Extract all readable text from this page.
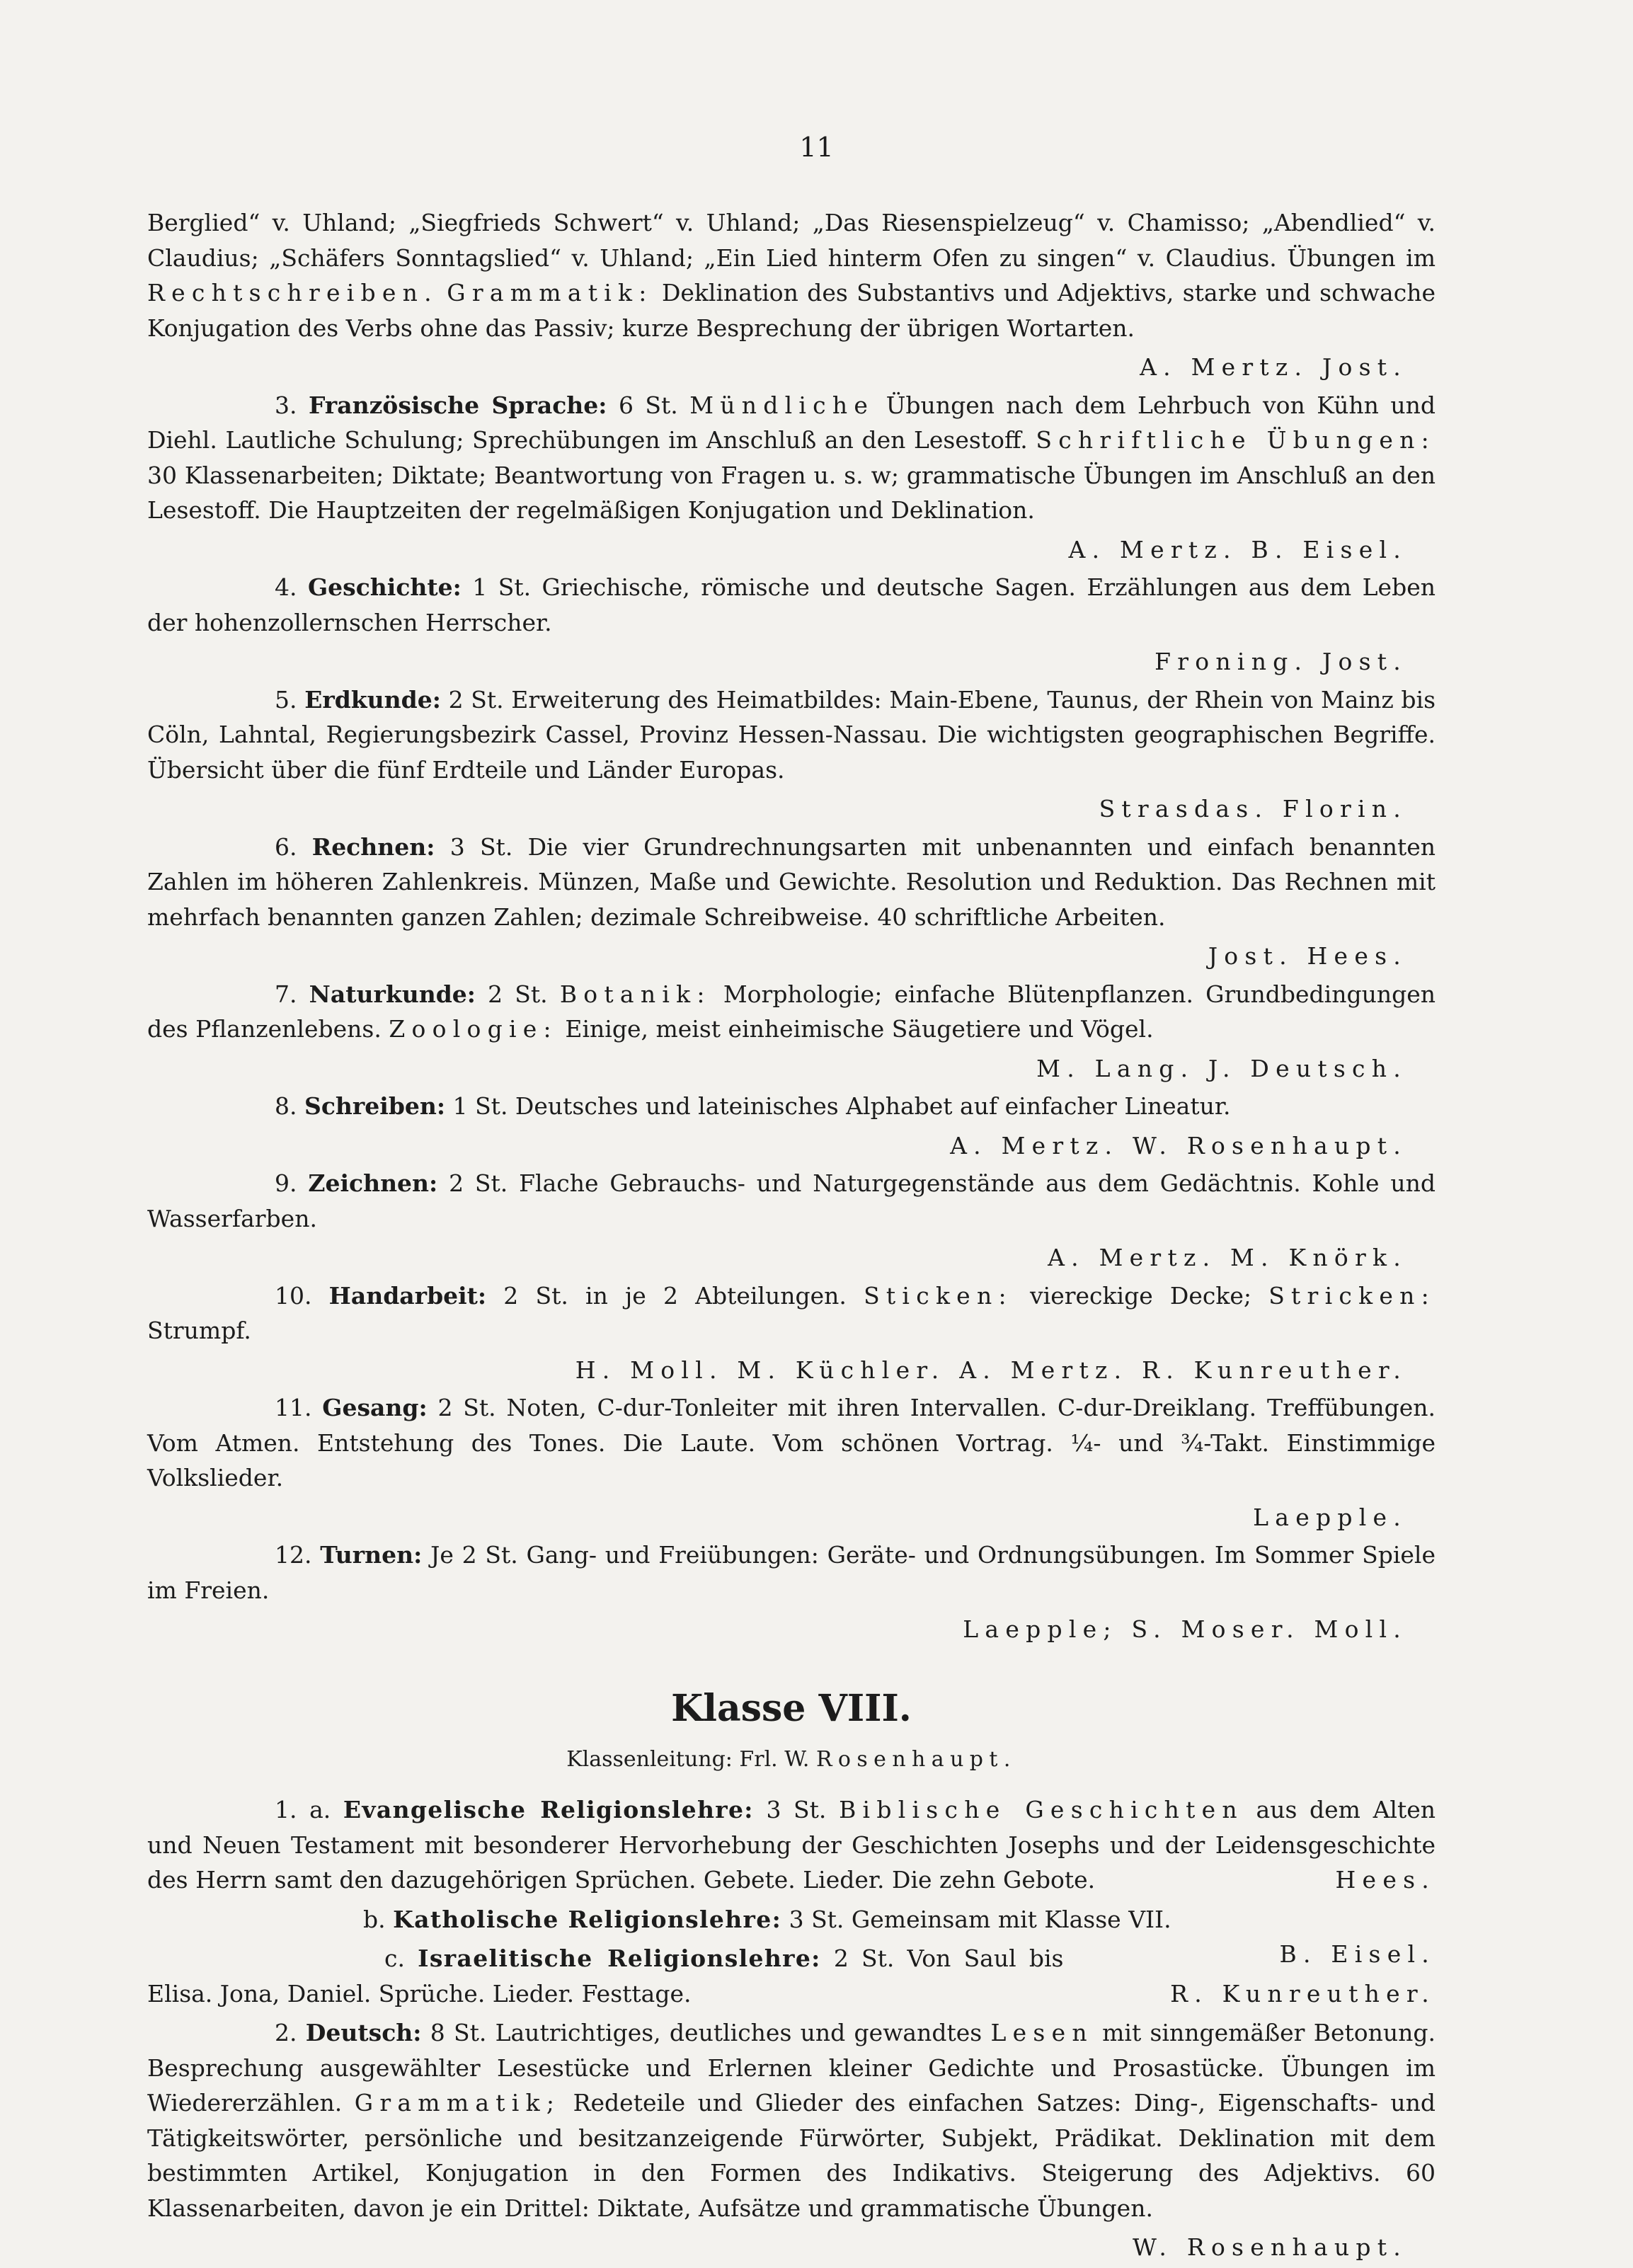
11

Berglied“ v. Uhland; „Siegfrieds Schwert“ v. Uhland; „Das Riesenspielzeug“ v. Chamisso; „Abendlied“ v. Claudius; „Schäfers Sonntagslied“ v. Uhland; „Ein Lied hinterm Ofen zu singen“ v. Claudius. Übungen im Rechtschreiben. Grammatik: Deklination des Substantivs und Adjektivs, starke und schwache Konjugation des Verbs ohne das Passiv; kurze Besprechung der übrigen Wortarten.

A. Mertz. Jost.

3. Französische Sprache: 6 St. Mündliche Übungen nach dem Lehrbuch von Kühn und Diehl. Lautliche Schulung; Sprechübungen im Anschluß an den Lesestoff. Schriftliche Übungen: 30 Klassenarbeiten; Diktate; Beantwortung von Fragen u. s. w; grammatische Übungen im Anschluß an den Lesestoff. Die Hauptzeiten der regelmäßigen Konjugation und Deklination.

A. Mertz. B. Eisel.

4. Geschichte: 1 St. Griechische, römische und deutsche Sagen. Erzählungen aus dem Leben der hohenzollernschen Herrscher.

Froning. Jost.

5. Erdkunde: 2 St. Erweiterung des Heimatbildes: Main-Ebene, Taunus, der Rhein von Mainz bis Cöln, Lahntal, Regierungsbezirk Cassel, Provinz Hessen-Nassau. Die wichtigsten geographischen Begriffe. Übersicht über die fünf Erdteile und Länder Europas.

Strasdas. Florin.

6. Rechnen: 3 St. Die vier Grundrechnungsarten mit unbenannten und einfach benannten Zahlen im höheren Zahlenkreis. Münzen, Maße und Gewichte. Resolution und Reduktion. Das Rechnen mit mehrfach benannten ganzen Zahlen; dezimale Schreibweise. 40 schriftliche Arbeiten.

Jost. Hees.

7. Naturkunde: 2 St. Botanik: Morphologie; einfache Blütenpflanzen. Grundbedingungen des Pflanzenlebens. Zoologie: Einige, meist einheimische Säugetiere und Vögel.

M. Lang. J. Deutsch.

8. Schreiben: 1 St. Deutsches und lateinisches Alphabet auf einfacher Lineatur.

A. Mertz. W. Rosenhaupt.

9. Zeichnen: 2 St. Flache Gebrauchs- und Naturgegenstände aus dem Gedächtnis. Kohle und Wasserfarben.

A. Mertz. M. Knörk.

10. Handarbeit: 2 St. in je 2 Abteilungen. Sticken: viereckige Decke; Stricken: Strumpf.

H. Moll. M. Küchler. A. Mertz. R. Kunreuther.

11. Gesang: 2 St. Noten, C-dur-Tonleiter mit ihren Intervallen. C-dur-Dreiklang. Treffübungen. Vom Atmen. Entstehung des Tones. Die Laute. Vom schönen Vortrag. ¼- und ¾-Takt. Einstimmige Volkslieder.

Laepple.

12. Turnen: Je 2 St. Gang- und Freiübungen: Geräte- und Ordnungsübungen. Im Sommer Spiele im Freien.

Laepple; S. Moser. Moll.
Klasse VIII.
Klassenleitung: Frl. W. Rosenhaupt.

1. a. Evangelische Religionslehre: 3 St. Biblische Geschichten aus dem Alten und Neuen Testament mit besonderer Hervorhebung der Geschichten Josephs und der Leidensgeschichte des Herrn samt den dazugehörigen Sprüchen. Gebete. Lieder. Die zehn Gebote.	Hees.

b. Katholische Religionslehre: 3 St. Gemeinsam mit Klasse VII.
B. Eisel.

c. Israelitische Religionslehre: 2 St. Von Saul bis Elisa. Jona, Daniel. Sprüche. Lieder. Festtage.	R. Kunreuther.

2. Deutsch: 8 St. Lautrichtiges, deutliches und gewandtes Lesen mit sinngemäßer Betonung. Besprechung ausgewählter Lesestücke und Erlernen kleiner Gedichte und Prosastücke. Übungen im Wiedererzählen. Grammatik; Redeteile und Glieder des einfachen Satzes: Ding-, Eigenschafts- und Tätigkeitswörter, persönliche und besitzanzeigende Fürwörter, Subjekt, Prädikat. Deklination mit dem bestimmten Artikel, Konjugation in den Formen des Indikativs. Steigerung des Adjektivs. 60 Klassenarbeiten, davon je ein Drittel: Diktate, Aufsätze und grammatische Übungen.

W. Rosenhaupt.
